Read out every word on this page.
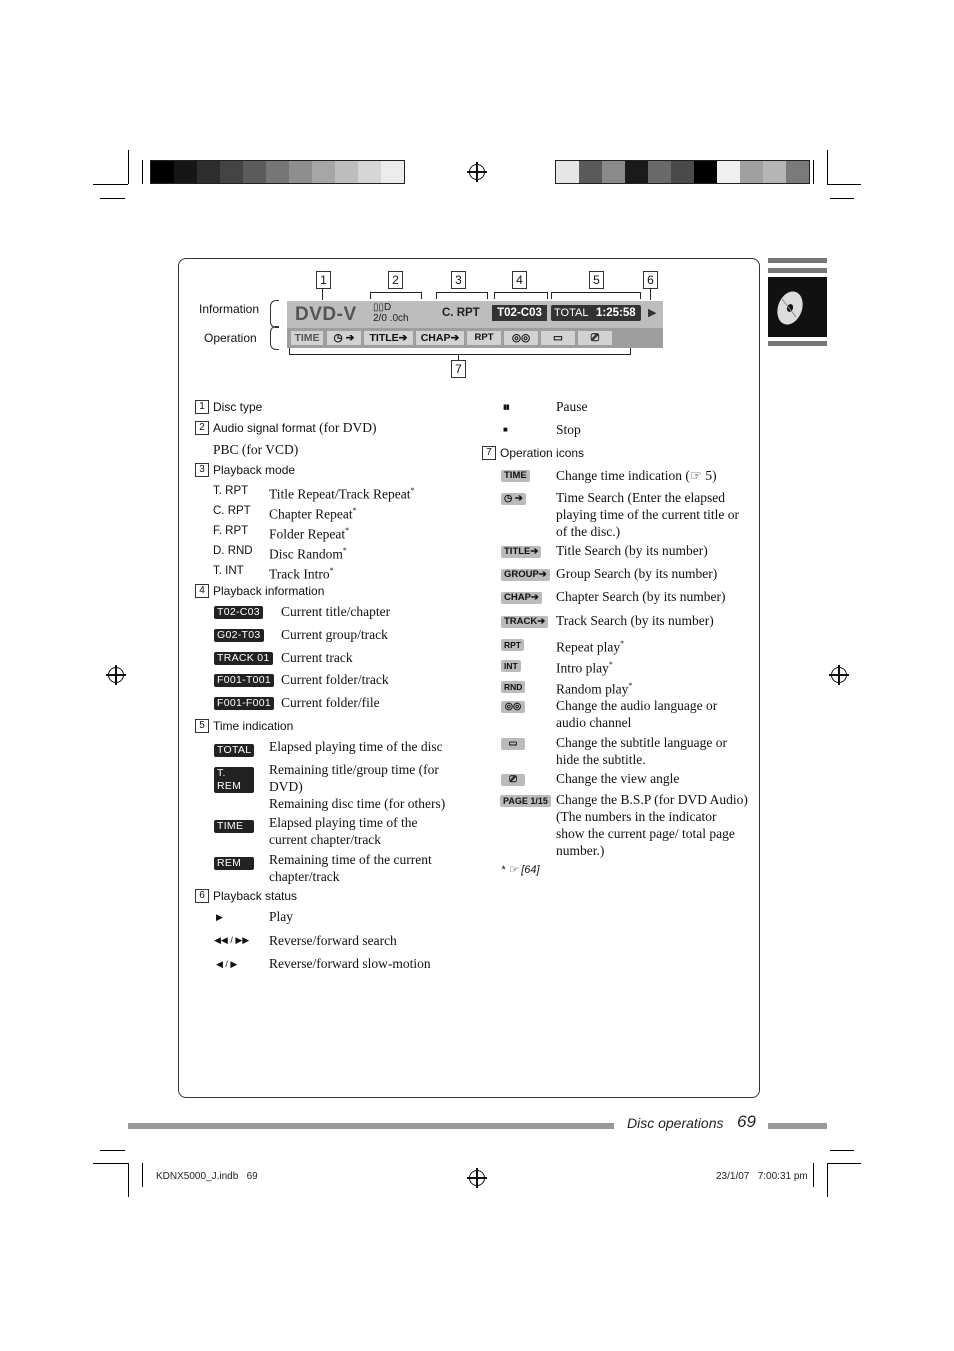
Information
Operation
1	2	3	4	5	6
7
DVD-V ▯▯D
2/0 .0ch	C. RPT	T02-C03	TOTAL 1:25:58 ▶
TIME	◷ ➔	TITLE➔	CHAP➔	RPT	◎◎	▭	⎚
1 Disc type
2 Audio signal format (for DVD)
PBC (for VCD)
3 Playback mode
T. RPT Title Repeat/Track Repeat*
C. RPT Chapter Repeat*
F. RPT Folder Repeat*
D. RND Disc Random*
T. INT Track Intro*
4 Playback information
T02-C03 Current title/chapter
G02-T03 Current group/track
TRACK 01 Current track
F001-T001 Current folder/track
F001-F001 Current folder/file
5 Time indication
TOTAL Elapsed playing time of the disc
T. REM
Remaining title/group time (for DVD)
Remaining disc time (for others)
TIME	Elapsed playing time of the current chapter/track
REM	Remaining time of the current chapter/track
6 Playback status
▶	Play
◀◀ / ▶▶ Reverse/forward search
◀ / ▶ Reverse/forward slow-motion
▮▮	Pause
■	Stop
7 Operation icons
TIME Change time indication (☞ 5)
◷ ➔ Time Search (Enter the elapsed playing time of the current title or of the disc.)
TITLE➔ Title Search (by its number)
GROUP➔ Group Search (by its number)
CHAP➔ Chapter Search (by its number)
TRACK➔ Track Search (by its number)
RPT	Repeat play*
INT	Intro play*
RND Random play*
◎◎	Change the audio language or audio channel
▭	Change the subtitle language or hide the subtitle.
⎚	Change the view angle
PAGE 1/15 Change the B.S.P (for DVD Audio) (The numbers in the indicator show the current page/ total page number.)
* ☞ [64]
Disc operations 69
KDNX5000_J.indb   69	23/1/07   7:00:31 pm
